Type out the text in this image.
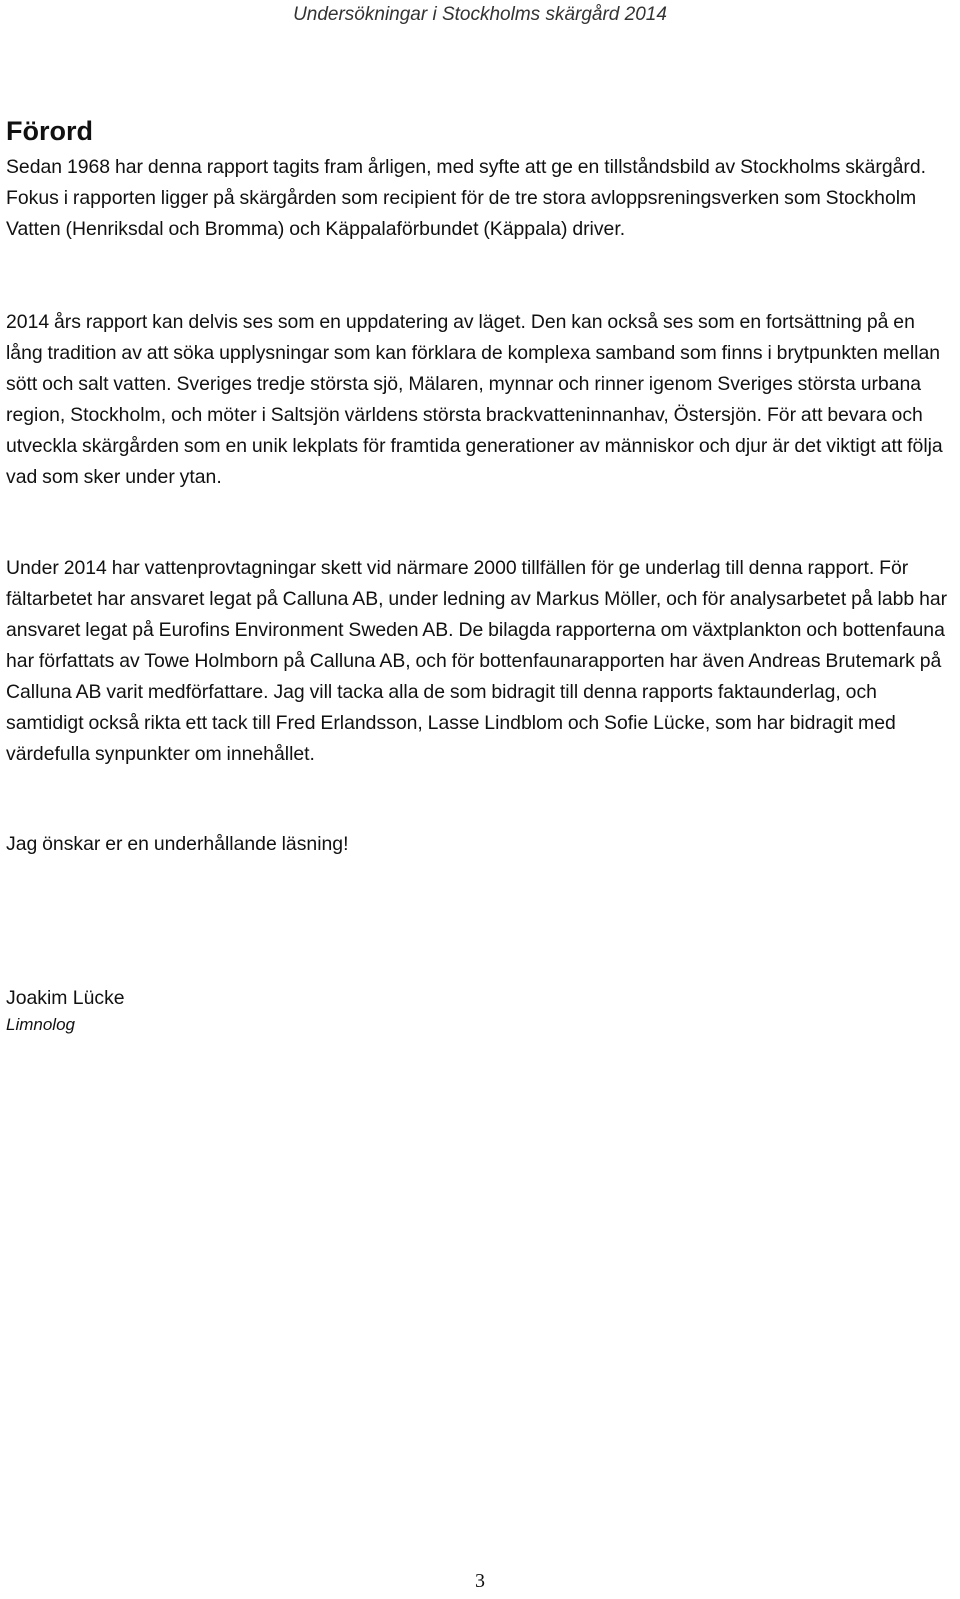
Undersökningar i Stockholms skärgård 2014
Förord

Sedan 1968 har denna rapport tagits fram årligen, med syfte att ge en tillståndsbild av Stockholms skärgård. Fokus i rapporten ligger på skärgården som recipient för de tre stora avloppsreningsverken som Stockholm Vatten (Henriksdal och Bromma) och Käppalaförbundet (Käppala) driver.

2014 års rapport kan delvis ses som en uppdatering av läget. Den kan också ses som en fortsättning på en lång tradition av att söka upplysningar som kan förklara de komplexa samband som finns i brytpunkten mellan sött och salt vatten. Sveriges tredje största sjö, Mälaren, mynnar och rinner igenom Sveriges största urbana region, Stockholm, och möter i Saltsjön världens största brackvatteninnanhav, Östersjön. För att bevara och utveckla skärgården som en unik lekplats för framtida generationer av människor och djur är det viktigt att följa vad som sker under ytan.

Under 2014 har vattenprovtagningar skett vid närmare 2000 tillfällen för ge underlag till denna rapport. För fältarbetet har ansvaret legat på Calluna AB, under ledning av Markus Möller, och för analysarbetet på labb har ansvaret legat på Eurofins Environment Sweden AB. De bilagda rapporterna om växtplankton och bottenfauna har författats av Towe Holmborn på Calluna AB, och för bottenfaunarapporten har även Andreas Brutemark på Calluna AB varit medförfattare. Jag vill tacka alla de som bidragit till denna rapports faktaunderlag, och samtidigt också rikta ett tack till Fred Erlandsson, Lasse Lindblom och Sofie Lücke, som har bidragit med värdefulla synpunkter om innehållet.

Jag önskar er en underhållande läsning!

Joakim Lücke

Limnolog

3
